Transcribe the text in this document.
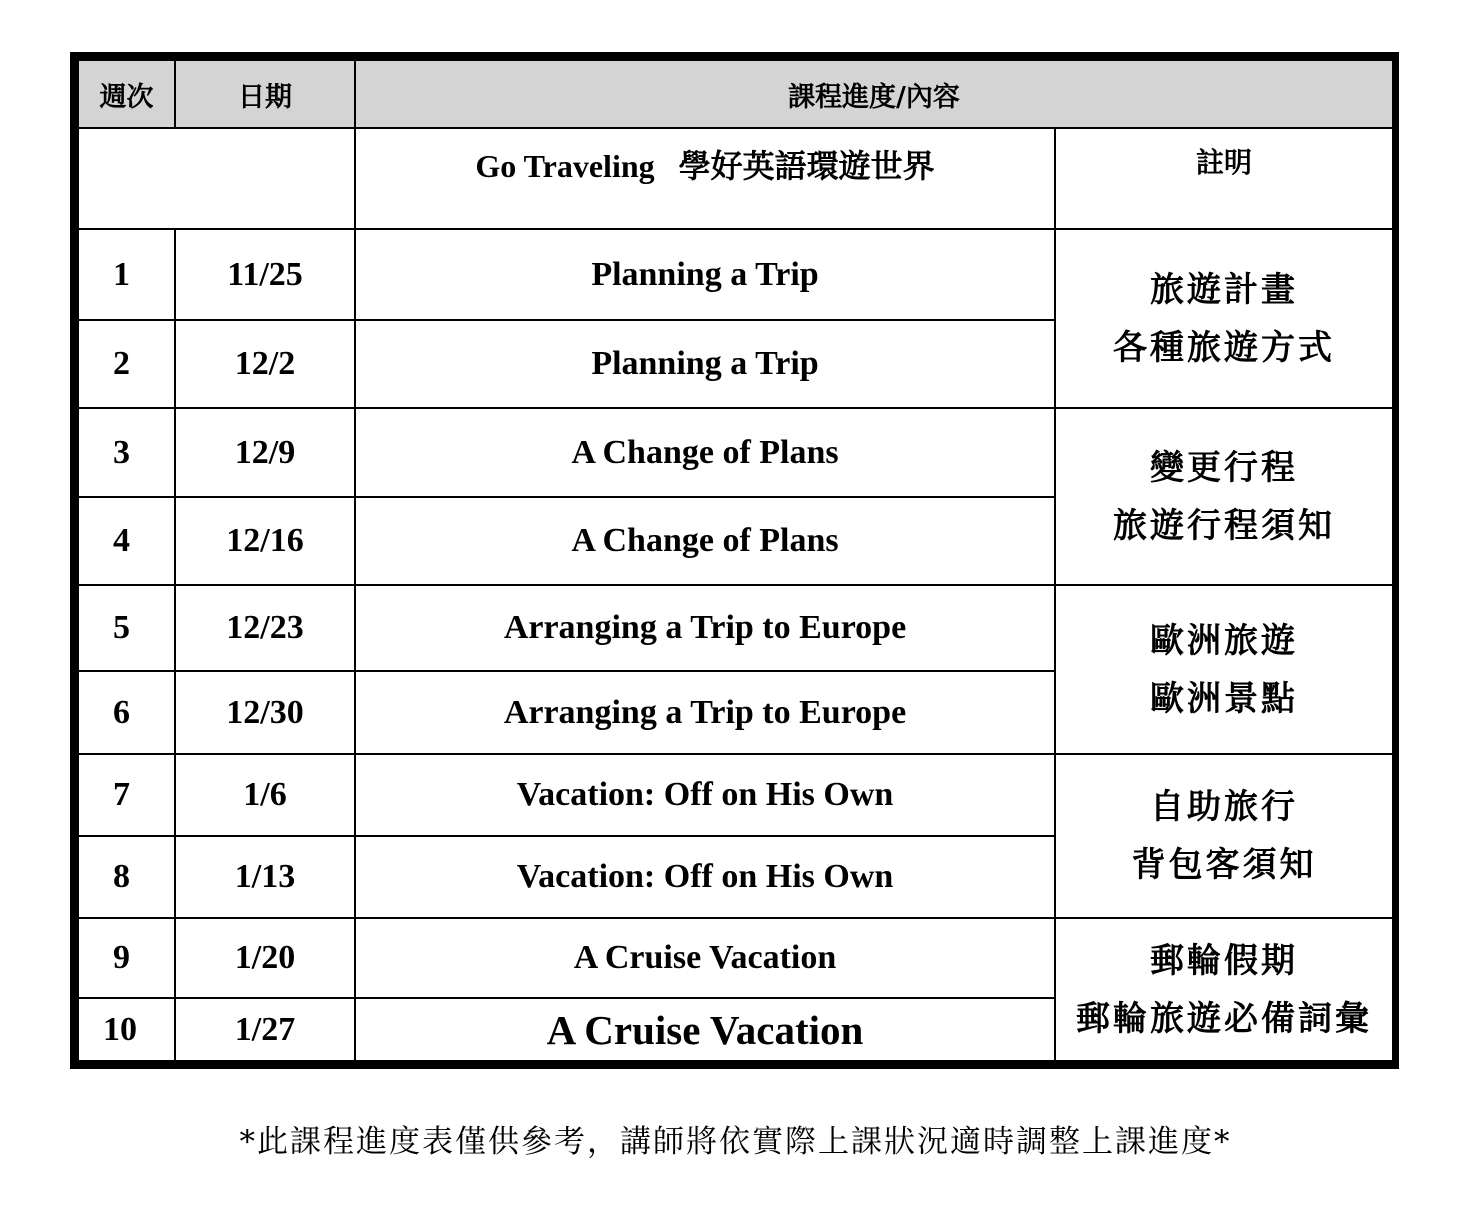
週次	日期	課程進度/內容	
		Go Traveling   學好英語環遊世界	註明
1	11/25	Planning a Trip	旅遊計畫
各種旅遊方式

2	12/2	Planning a Trip	
3	12/9	A Change of Plans	變更行程
旅遊行程須知

4	12/16	A Change of Plans	
5	12/23	Arranging a Trip to Europe	歐洲旅遊
歐洲景點

6	12/30	Arranging a Trip to Europe	
7	1/6	Vacation: Off on His Own	自助旅行
背包客須知

8	1/13	Vacation: Off on His Own	
9	1/20	A Cruise Vacation	郵輪假期
郵輪旅遊必備詞彙

10	1/27	A Cruise Vacation	
*此課程進度表僅供參考，講師將依實際上課狀況適時調整上課進度*
